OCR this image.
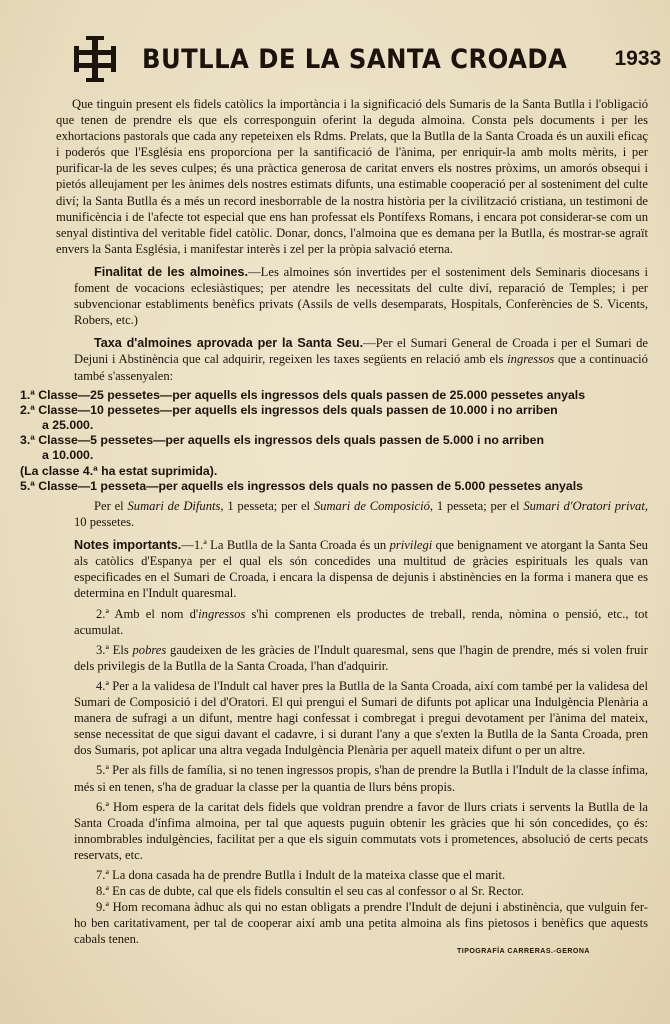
BUTLLA DE LA SANTA CROADA 1933

Que tinguin present els fidels catòlics la importància i la significació dels Sumaris de la Santa Butlla i l'obligació que tenen de prendre els que els corresponguin oferint la deguda almoina. Consta pels documents i per les exhortacions pastorals que cada any repeteixen els Rdms. Prelats, que la Butlla de la Santa Croada és un auxili eficaç i poderós que l'Església ens proporciona per la santificació de l'ànima, per enriquir-la amb molts mèrits, i per purificar-la de les seves culpes; és una pràctica generosa de caritat envers els nostres pròxims, un amorós obsequi i pietós alleujament per les ànimes dels nostres estimats difunts, una estimable cooperació per al sosteniment del culte diví; la Santa Butlla és a més un record inesborrable de la nostra història per la civilització cristiana, un testimoni de munificència i de l'afecte tot especial que ens han professat els Pontífexs Romans, i encara pot considerar-se com un senyal distintiva del veritable fidel catòlic. Donar, doncs, l'almoina que es demana per la Butlla, és mostrar-se agraït envers la Santa Església, i manifestar interès i zel per la pròpia salvació eterna.

Finalitat de les almoines.—Les almoines són invertides per el sosteniment dels Seminaris diocesans i foment de vocacions eclesiàstiques; per atendre les necessitats del culte diví, reparació de Temples; i per subvencionar establiments benèfics privats (Assils de vells desemparats, Hospitals, Conferències de S. Vicents, Robers, etc.)

Taxa d'almoines aprovada per la Santa Seu.—Per el Sumari General de Croada i per el Sumari de Dejuni i Abstinència que cal adquirir, regeixen les taxes següents en relació amb els ingressos que a continuació també s'assenyalen:

1.ª Classe—25 pessetes—per aquells els ingressos dels quals passen de 25.000 pessetes anyals
2.ª Classe—10 pessetes—per aquells els ingressos dels quals passen de 10.000 i no arriben
a 25.000.
3.ª Classe—5 pessetes—per aquells els ingressos dels quals passen de 5.000 i no arriben
a 10.000.
(La classe 4.ª ha estat suprimida).
5.ª Classe—1 pesseta—per aquells els ingressos dels quals no passen de 5.000 pessetes anyals

Per el Sumari de Difunts, 1 pesseta; per el Sumari de Composició, 1 pesseta; per el Sumari d'Oratori privat, 10 pessetes.

Notes importants.—1.ª La Butlla de la Santa Croada és un privilegi que benignament ve atorgant la Santa Seu als catòlics d'Espanya per el qual els són concedides una multitud de gràcies espirituals les quals van especificades en el Sumari de Croada, i encara la dispensa de dejunis i abstinències en la forma i manera que es determina en l'Indult quaresmal.

2.ª Amb el nom d'ingressos s'hi comprenen els productes de treball, renda, nòmina o pensió, etc., tot acumulat.

3.ª Els pobres gaudeixen de les gràcies de l'Indult quaresmal, sens que l'hagin de prendre, més si volen fruir dels privilegis de la Butlla de la Santa Croada, l'han d'adquirir.

4.ª Per a la validesa de l'Indult cal haver pres la Butlla de la Santa Croada, així com també per la validesa del Sumari de Composició i del d'Oratori. El qui prengui el Sumari de difunts pot aplicar una Indulgència Plenària a manera de sufragi a un difunt, mentre hagi confessat i combregat i pregui devotament per l'ànima del mateix, sense necessitat de que sigui davant el cadavre, i si durant l'any a que s'exten la Butlla de la Santa Croada, pren dos Sumaris, pot aplicar una altra vegada Indulgència Plenària per aquell mateix difunt o per un altre.

5.ª Per als fills de família, si no tenen ingressos propis, s'han de prendre la Butlla i l'Indult de la classe ínfima, més si en tenen, s'ha de graduar la classe per la quantia de llurs béns propis.

6.ª Hom espera de la caritat dels fidels que voldran prendre a favor de llurs criats i servents la Butlla de la Santa Croada d'ínfima almoina, per tal que aquests puguin obtenir les gràcies que hi són concedides, ço és: innombrables indulgències, facilitat per a que els siguin commutats vots i prometences, absolució de certs pecats reservats, etc.

7.ª La dona casada ha de prendre Butlla i Indult de la mateixa classe que el marit.

8.ª En cas de dubte, cal que els fidels consultin el seu cas al confessor o al Sr. Rector.

9.ª Hom recomana àdhuc als qui no estan obligats a prendre l'Indult de dejuni i abstinència, que vulguin fer-ho ben caritativament, per tal de cooperar així amb una petita almoina als fins pietosos i benèfics que aquests cabals tenen.

TIPOGRAFÍA CARRERAS.-GERONA
